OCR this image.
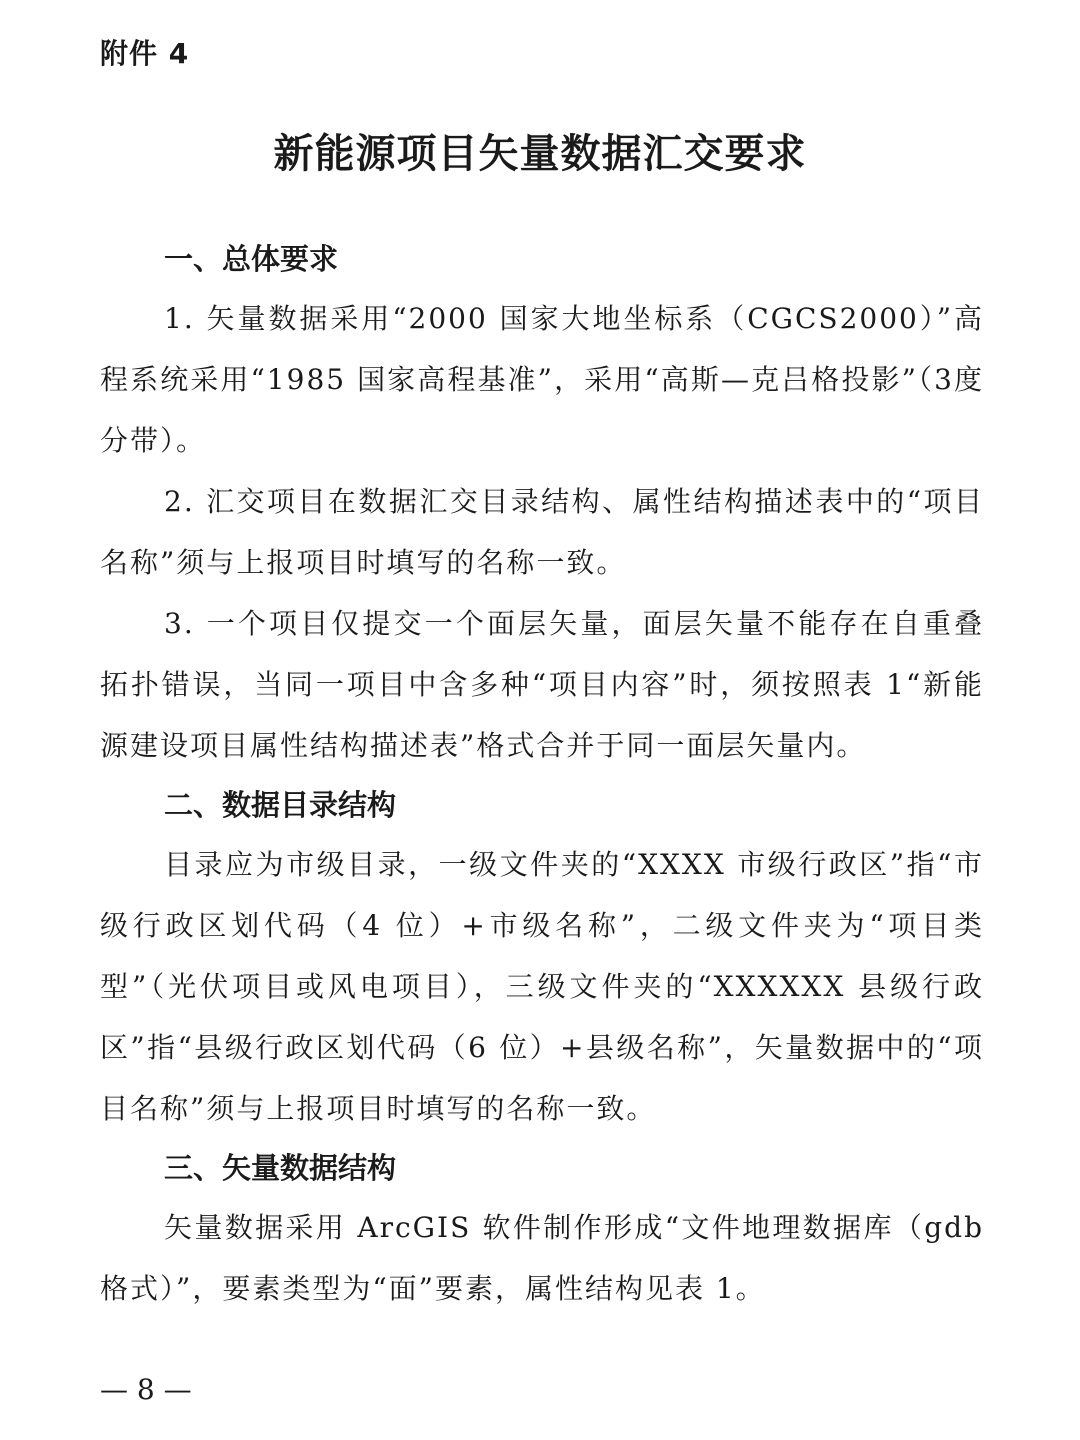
附件 4
新能源项目矢量数据汇交要求

一、总体要求

1. 矢量数据采用“2000 国家大地坐标系（CGCS2000）”高程系统采用“1985 国家高程基准”，采用“高斯—克吕格投影”（3度分带）。

2. 汇交项目在数据汇交目录结构、属性结构描述表中的“项目名称”须与上报项目时填写的名称一致。

3. 一个项目仅提交一个面层矢量，面层矢量不能存在自重叠拓扑错误，当同一项目中含多种“项目内容”时，须按照表 1“新能源建设项目属性结构描述表”格式合并于同一面层矢量内。

二、数据目录结构

目录应为市级目录，一级文件夹的“XXXX 市级行政区”指“市级行政区划代码（4 位）+市级名称”，二级文件夹为“项目类型”（光伏项目或风电项目），三级文件夹的“XXXXXX 县级行政区”指“县级行政区划代码（6 位）+县级名称”，矢量数据中的“项目名称”须与上报项目时填写的名称一致。

三、矢量数据结构

矢量数据采用 ArcGIS 软件制作形成“文件地理数据库（gdb格式）”，要素类型为“面”要素，属性结构见表 1。

— 8 —
